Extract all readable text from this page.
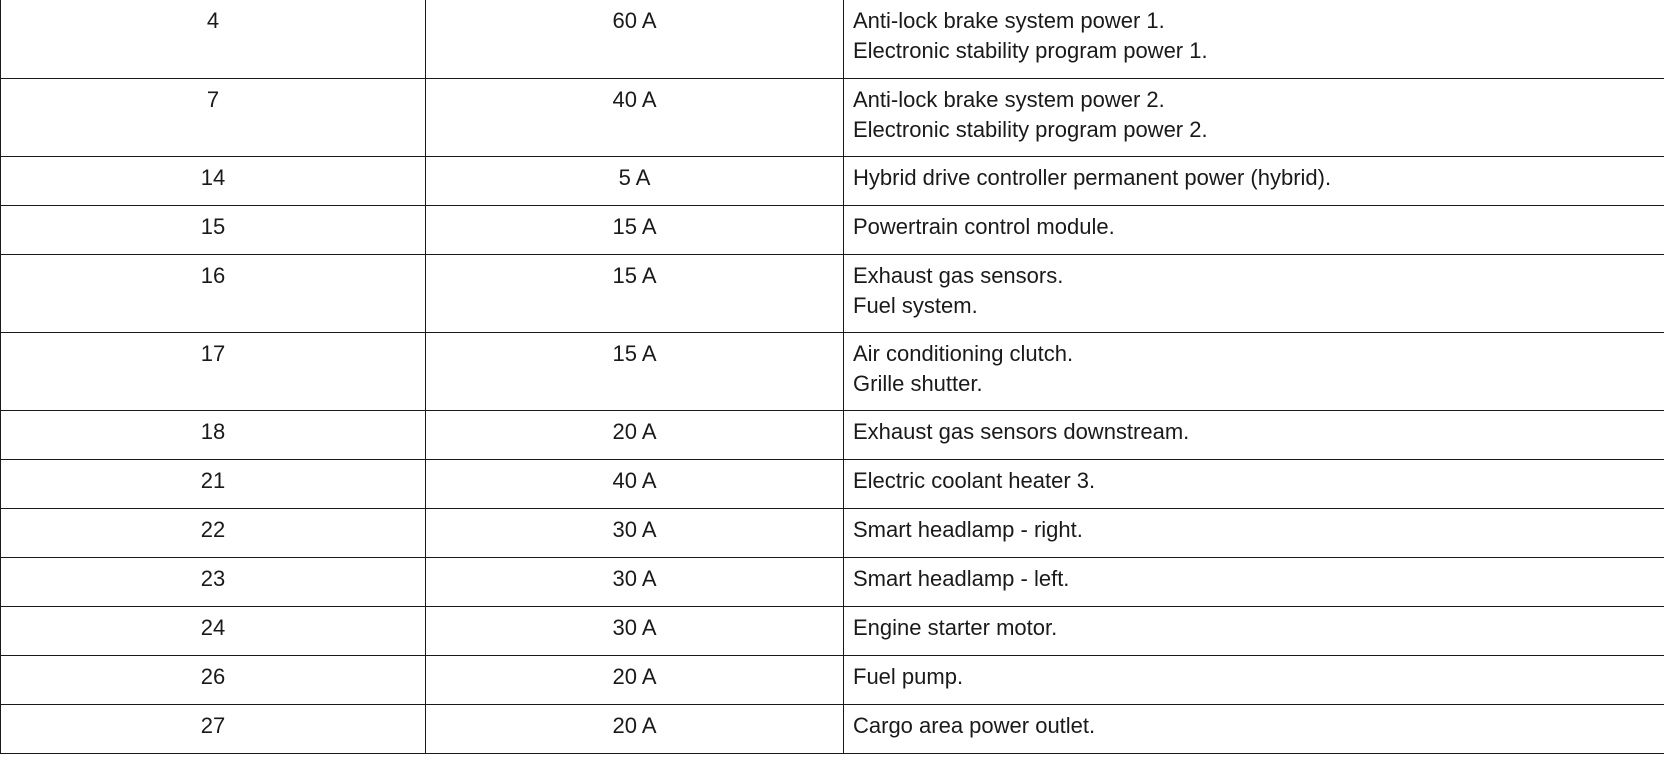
4	60 A	Anti-lock brake system power 1.
Electronic stability program power 1.

7	40 A	Anti-lock brake system power 2.
Electronic stability program power 2.

14	5 A	Hybrid drive controller permanent power (hybrid).

15	15 A	Powertrain control module.

16	15 A	Exhaust gas sensors.
Fuel system.

17	15 A	Air conditioning clutch.
Grille shutter.

18	20 A	Exhaust gas sensors downstream.

21	40 A	Electric coolant heater 3.

22	30 A	Smart headlamp - right.

23	30 A	Smart headlamp - left.

24	30 A	Engine starter motor.

26	20 A	Fuel pump.

27	20 A	Cargo area power outlet.
